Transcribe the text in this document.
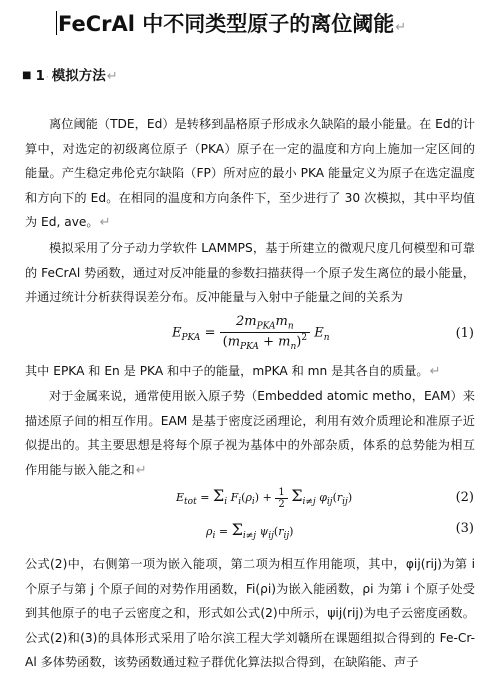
FeCrAl 中不同类型原子的离位阈能↵
■ 1· 模拟方法↵
离位阈能（TDE，Ed）是转移到晶格原子形成永久缺陷的最小能量。在 Ed的计算中，对选定的初级离位原子（PKA）原子在一定的温度和方向上施加一定区间的能量。产生稳定弗伦克尔缺陷（FP）所对应的最小 PKA 能量定义为原子在选定温度和方向下的 Ed。在相同的温度和方向条件下，至少进行了 30 次模拟，其中平均值为 Ed, ave。↵
模拟采用了分子动力学软件 LAMMPS，基于所建立的微观尺度几何模型和可靠的 FeCrAl 势函数，通过对反冲能量的参数扫描获得一个原子发生离位的最小能量，并通过统计分析获得误差分布。反冲能量与入射中子能量之间的关系为
$E_{PKA} = \frac{2m_{PKA}m_n}{(m_{PKA} + m_n)^2} E_n$	(1)
其中 EPKA 和 En 是 PKA 和中子的能量，mPKA 和 mn 是其各自的质量。↵
对于金属来说，通常使用嵌入原子势（Embedded atomic metho，EAM）来描述原子间的相互作用。EAM 是基于密度泛函理论，利用有效介质理论和准原子近似提出的。其主要思想是将每个原子视为基体中的外部杂质，体系的总势能为相互作用能与嵌入能之和↵
$E_{tot} = \Sigma_i$ $F_i(\rho_i) + \frac{1}{2} \Sigma_{i\ne j}$ $\varphi_{ij}(r_{ij})$	(2)
$\rho_i = \Sigma_{i\ne j}$ $\psi_{ij}(r_{ij})$	(3)
公式(2)中，右侧第一项为嵌入能项，第二项为相互作用能项，其中，φij(rij)为第 i 个原子与第 j 个原子间的对势作用函数，Fi(ρi)为嵌入能函数，ρi 为第 i 个原子处受到其他原子的电子云密度之和，形式如公式(2)中所示，ψij(rij)为电子云密度函数。公式(2)和(3)的具体形式采用了哈尔滨工程大学刘赣所在课题组拟合得到的 Fe-Cr-Al 多体势函数，该势函数通过粒子群优化算法拟合得到，在缺陷能、声子
